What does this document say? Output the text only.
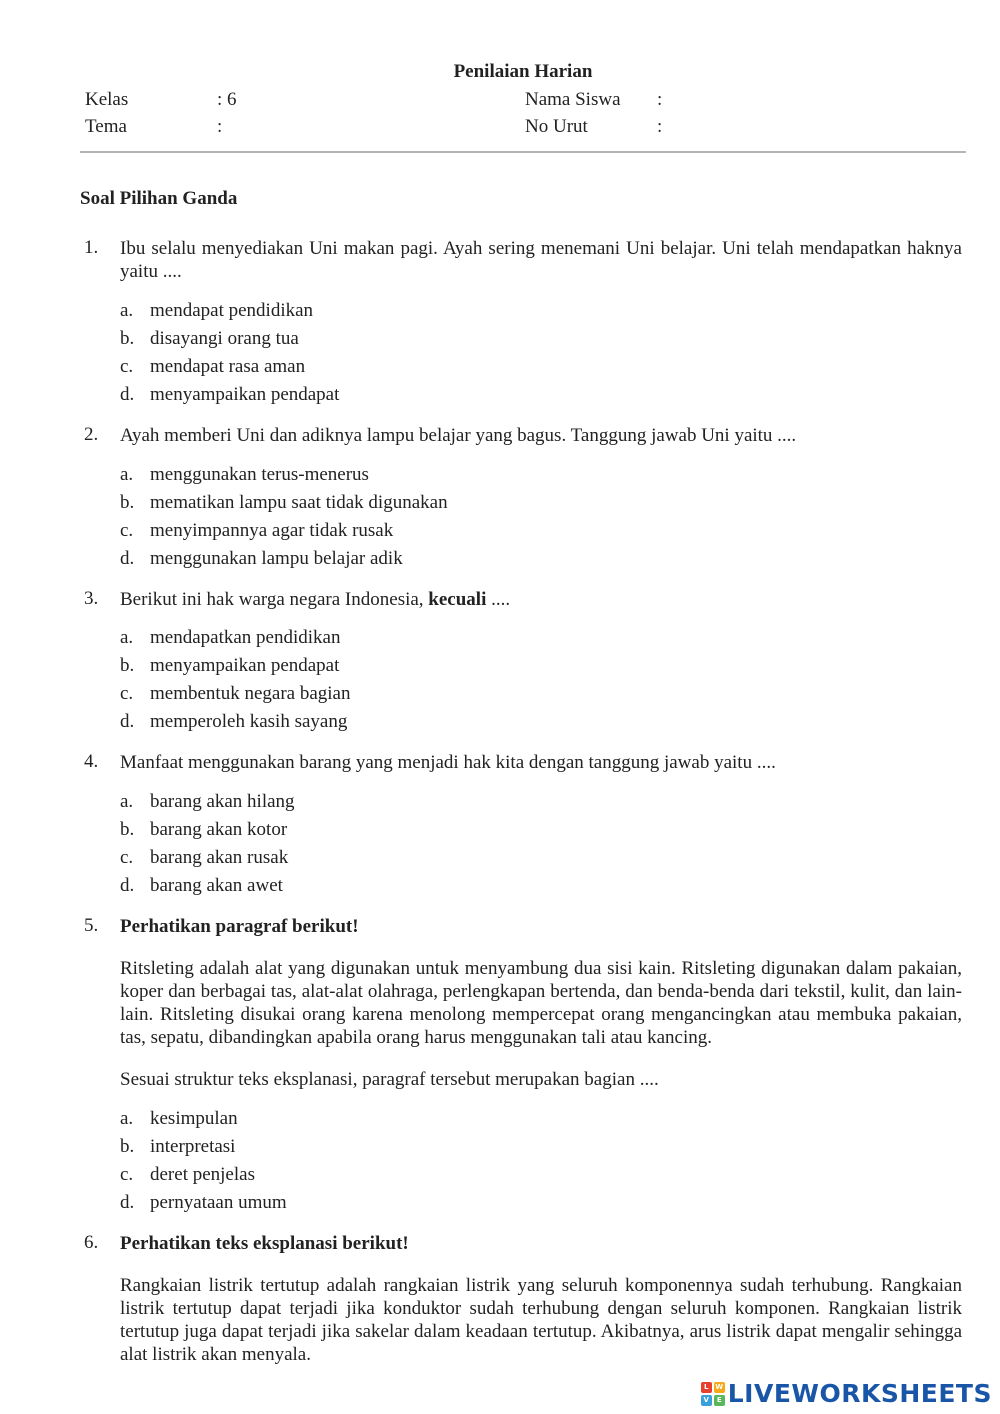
Penilaian Harian
Kelas	: 6
Tema	:
Nama Siswa :
No Urut	:
Soal Pilihan Ganda
1. Ibu selalu menyediakan Uni makan pagi. Ayah sering menemani Uni belajar. Uni telah mendapatkan haknya yaitu ....
a. mendapat pendidikan
b. disayangi orang tua
c. mendapat rasa aman
d. menyampaikan pendapat
2. Ayah memberi Uni dan adiknya lampu belajar yang bagus. Tanggung jawab Uni yaitu ....
a. menggunakan terus-menerus
b. mematikan lampu saat tidak digunakan
c. menyimpannya agar tidak rusak
d. menggunakan lampu belajar adik
3. Berikut ini hak warga negara Indonesia, kecuali ....
a. mendapatkan pendidikan
b. menyampaikan pendapat
c. membentuk negara bagian
d. memperoleh kasih sayang
4. Manfaat menggunakan barang yang menjadi hak kita dengan tanggung jawab yaitu ....
a. barang akan hilang
b. barang akan kotor
c. barang akan rusak
d. barang akan awet
5. Perhatikan paragraf berikut!
Ritsleting adalah alat yang digunakan untuk menyambung dua sisi kain. Ritsleting digunakan dalam pakaian, koper dan berbagai tas, alat-alat olahraga, perlengkapan bertenda, dan benda-benda dari tekstil, kulit, dan lain-lain. Ritsleting disukai orang karena menolong mempercepat orang mengancingkan atau membuka pakaian, tas, sepatu, dibandingkan apabila orang harus menggunakan tali atau kancing.
Sesuai struktur teks eksplanasi, paragraf tersebut merupakan bagian ....
a. kesimpulan
b. interpretasi
c. deret penjelas
d. pernyataan umum
6. Perhatikan teks eksplanasi berikut!
Rangkaian listrik tertutup adalah rangkaian listrik yang seluruh komponennya sudah terhubung. Rangkaian listrik tertutup dapat terjadi jika konduktor sudah terhubung dengan seluruh komponen. Rangkaian listrik tertutup juga dapat terjadi jika sakelar dalam keadaan tertutup. Akibatnya, arus listrik dapat mengalir sehingga alat listrik akan menyala.
L W
V	E LIVEWORKSHEETS
